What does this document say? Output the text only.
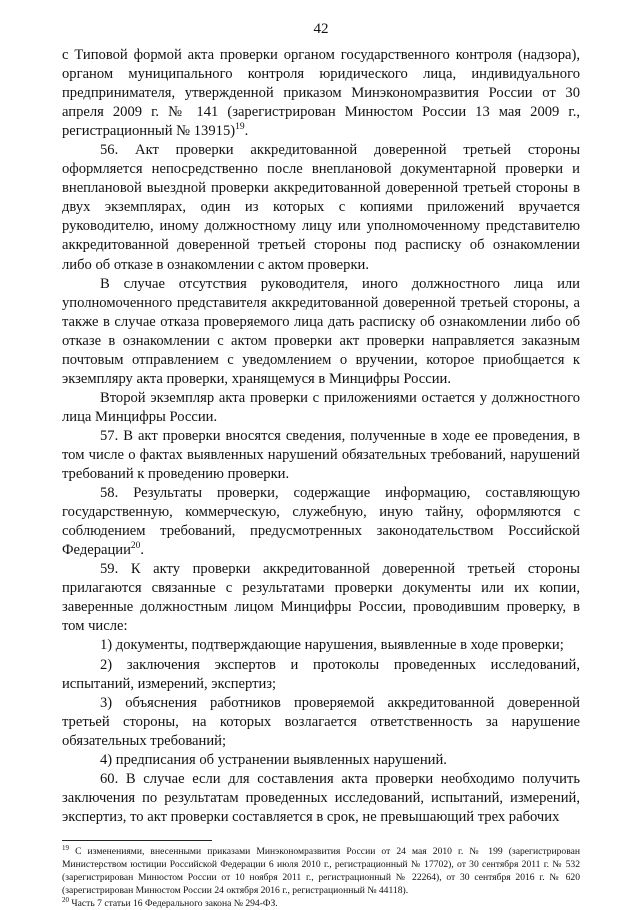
42

с Типовой формой акта проверки органом государственного контроля (надзора), органом муниципального контроля юридического лица, индивидуального предпринимателя, утвержденной приказом Минэкономразвития России от 30 апреля 2009 г. № 141 (зарегистрирован Минюстом России 13 мая 2009 г., регистрационный № 13915)$^{19}$.

56. Акт проверки аккредитованной доверенной третьей стороны оформляется непосредственно после внеплановой документарной проверки и внеплановой выездной проверки аккредитованной доверенной третьей стороны в двух экземплярах, один из которых с копиями приложений вручается руководителю, иному должностному лицу или уполномоченному представителю аккредитованной доверенной третьей стороны под расписку об ознакомлении либо об отказе в ознакомлении с актом проверки.

В случае отсутствия руководителя, иного должностного лица или уполномоченного представителя аккредитованной доверенной третьей стороны, а также в случае отказа проверяемого лица дать расписку об ознакомлении либо об отказе в ознакомлении с актом проверки акт проверки направляется заказным почтовым отправлением с уведомлением о вручении, которое приобщается к экземпляру акта проверки, хранящемуся в Минцифры России.

Второй экземпляр акта проверки с приложениями остается у должностного лица Минцифры России.

57. В акт проверки вносятся сведения, полученные в ходе ее проведения, в том числе о фактах выявленных нарушений обязательных требований, нарушений требований к проведению проверки.

58. Результаты проверки, содержащие информацию, составляющую государственную, коммерческую, служебную, иную тайну, оформляются с соблюдением требований, предусмотренных законодательством Российской Федерации$^{20}$.

59. К акту проверки аккредитованной доверенной третьей стороны прилагаются связанные с результатами проверки документы или их копии, заверенные должностным лицом Минцифры России, проводившим проверку, в том числе:

1) документы, подтверждающие нарушения, выявленные в ходе проверки;

2) заключения экспертов и протоколы проведенных исследований, испытаний, измерений, экспертиз;

3) объяснения работников проверяемой аккредитованной доверенной третьей стороны, на которых возлагается ответственность за нарушение обязательных требований;

4) предписания об устранении выявленных нарушений.

60. В случае если для составления акта проверки необходимо получить заключения по результатам проведенных исследований, испытаний, измерений, экспертиз, то акт проверки составляется в срок, не превышающий трех рабочих

$^{19}$ С изменениями, внесенными приказами Минэкономразвития России от 24 мая 2010 г. № 199 (зарегистрирован Министерством юстиции Российской Федерации 6 июля 2010 г., регистрационный № 17702), от 30 сентября 2011 г. № 532 (зарегистрирован Минюстом России от 10 ноября 2011 г., регистрационный № 22264), от 30 сентября 2016 г. № 620 (зарегистрирован Минюстом России 24 октября 2016 г., регистрационный № 44118).

$^{20}$ Часть 7 статьи 16 Федерального закона № 294-ФЗ.
